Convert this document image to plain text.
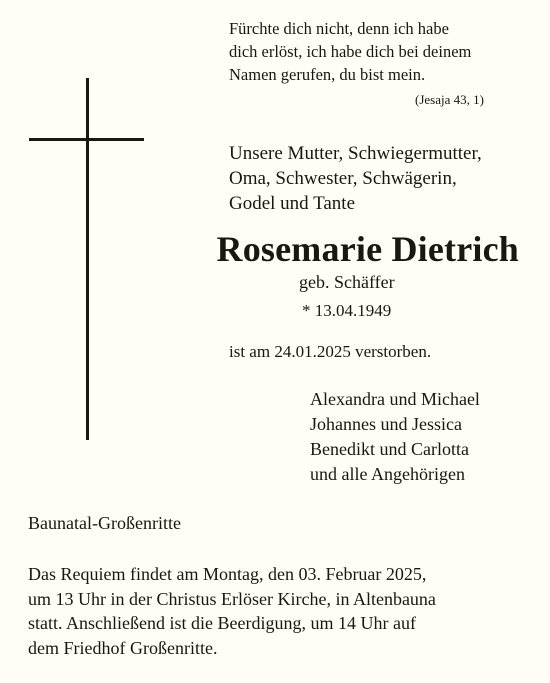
Fürchte dich nicht, denn ich habe
dich erlöst, ich habe dich bei deinem
Namen gerufen, du bist mein.
(Jesaja 43, 1)
Unsere Mutter, Schwiegermutter,
Oma, Schwester, Schwägerin,
Godel und Tante
Rosemarie Dietrich
geb. Schäffer
* 13.04.1949
ist am 24.01.2025 verstorben.
Alexandra und Michael
Johannes und Jessica
Benedikt und Carlotta
und alle Angehörigen
Baunatal-Großenritte
Das Requiem findet am Montag, den 03. Februar 2025,
um 13 Uhr in der Christus Erlöser Kirche, in Altenbauna
statt. Anschließend ist die Beerdigung, um 14 Uhr auf
dem Friedhof Großenritte.
